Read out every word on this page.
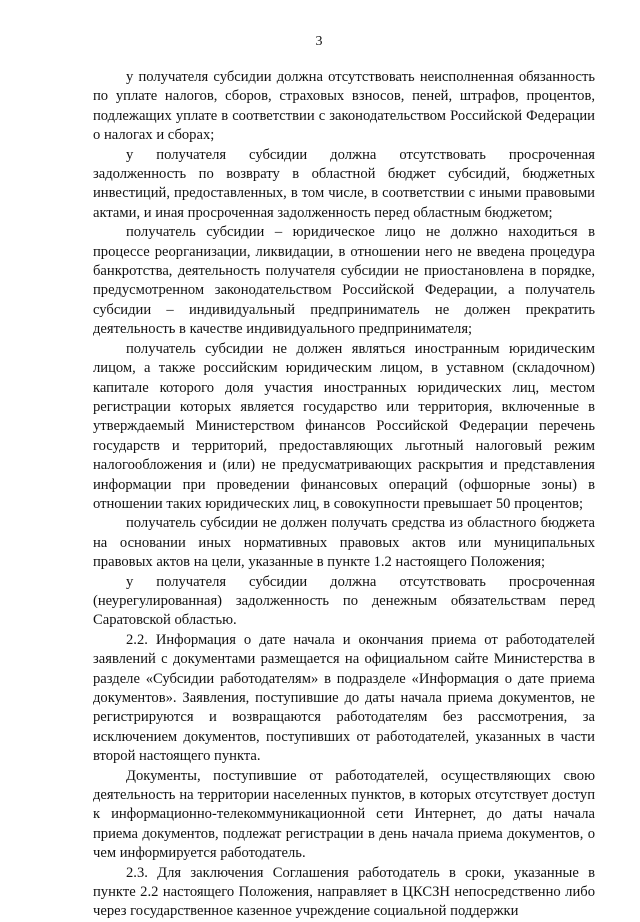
3

у получателя субсидии должна отсутствовать неисполненная обязанность по уплате налогов, сборов, страховых взносов, пеней, штрафов, процентов, подлежащих уплате в соответствии с законодательством Российской Федерации о налогах и сборах;

у получателя субсидии должна отсутствовать просроченная задолженность по возврату в областной бюджет субсидий, бюджетных инвестиций, предоставленных, в том числе, в соответствии с иными правовыми актами, и иная просроченная задолженность перед областным бюджетом;

получатель субсидии – юридическое лицо не должно находиться в процессе реорганизации, ликвидации, в отношении него не введена процедура банкротства, деятельность получателя субсидии не приостановлена в порядке, предусмотренном законодательством Российской Федерации, а получатель субсидии – индивидуальный предприниматель не должен прекратить деятельность в качестве индивидуального предпринимателя;

получатель субсидии не должен являться иностранным юридическим лицом, а также российским юридическим лицом, в уставном (складочном) капитале которого доля участия иностранных юридических лиц, местом регистрации которых является государство или территория, включенные в утверждаемый Министерством финансов Российской Федерации перечень государств и территорий, предоставляющих льготный налоговый режим налогообложения и (или) не предусматривающих раскрытия и представления информации при проведении финансовых операций (офшорные зоны) в отношении таких юридических лиц, в совокупности превышает 50 процентов;

получатель субсидии не должен получать средства из областного бюджета на основании иных нормативных правовых актов или муниципальных правовых актов на цели, указанные в пункте 1.2 настоящего Положения;

у получателя субсидии должна отсутствовать просроченная (неурегулированная) задолженность по денежным обязательствам перед Саратовской областью.

2.2. Информация о дате начала и окончания приема от работодателей заявлений с документами размещается на официальном сайте Министерства в разделе «Субсидии работодателям» в подразделе «Информация о дате приема документов». Заявления, поступившие до даты начала приема документов, не регистрируются и возвращаются работодателям без рассмотрения, за исключением документов, поступивших от работодателей, указанных в части второй настоящего пункта.

Документы, поступившие от работодателей, осуществляющих свою деятельность на территории населенных пунктов, в которых отсутствует доступ к информационно-телекоммуникационной сети Интернет, до даты начала приема документов, подлежат регистрации в день начала приема документов, о чем информируется работодатель.

2.3. Для заключения Соглашения работодатель в сроки, указанные в пункте 2.2 настоящего Положения, направляет в ЦКСЗН непосредственно либо через государственное казенное учреждение социальной поддержки
